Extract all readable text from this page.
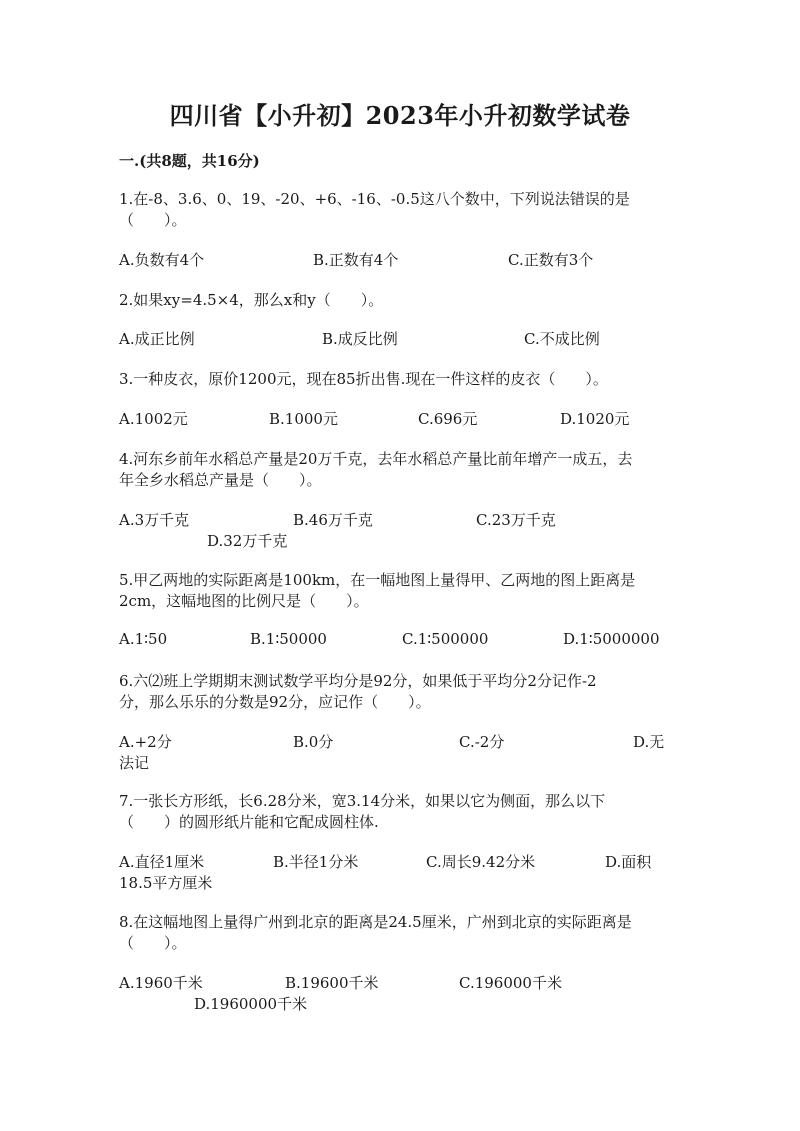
四川省【小升初】2023年小升初数学试卷
一.(共8题，共16分)
1.在-8、3.6、0、19、-20、+6、-16、-0.5这八个数中，下列说法错误的是
（　　）。
A.负数有4个	B.正数有4个	C.正数有3个
2.如果xy=4.5×4，那么x和y（　　）。
A.成正比例	B.成反比例	C.不成比例
3.一种皮衣，原价1200元，现在85折出售.现在一件这样的皮衣（　　）。
A.1002元	B.1000元	C.696元	D.1020元
4.河东乡前年水稻总产量是20万千克，去年水稻总产量比前年增产一成五，去
年全乡水稻总产量是（　　）。
A.3万千克	B.46万千克	C.23万千克
D.32万千克
5.甲乙两地的实际距离是100km，在一幅地图上量得甲、乙两地的图上距离是
2cm，这幅地图的比例尺是（　　）。
A.1∶50	B.1∶50000	C.1∶500000	D.1∶5000000
6.六⑵班上学期期末测试数学平均分是92分，如果低于平均分2分记作-2
分，那么乐乐的分数是92分，应记作（　　）。
A.+2分	B.0分	C.-2分	D.无
法记
7.一张长方形纸，长6.28分米，宽3.14分米，如果以它为侧面，那么以下
（　　）的圆形纸片能和它配成圆柱体.
A.直径1厘米	B.半径1分米	C.周长9.42分米	D.面积
18.5平方厘米
8.在这幅地图上量得广州到北京的距离是24.5厘米，广州到北京的实际距离是
（　　）。
A.1960千米	B.19600千米	C.196000千米
D.1960000千米
